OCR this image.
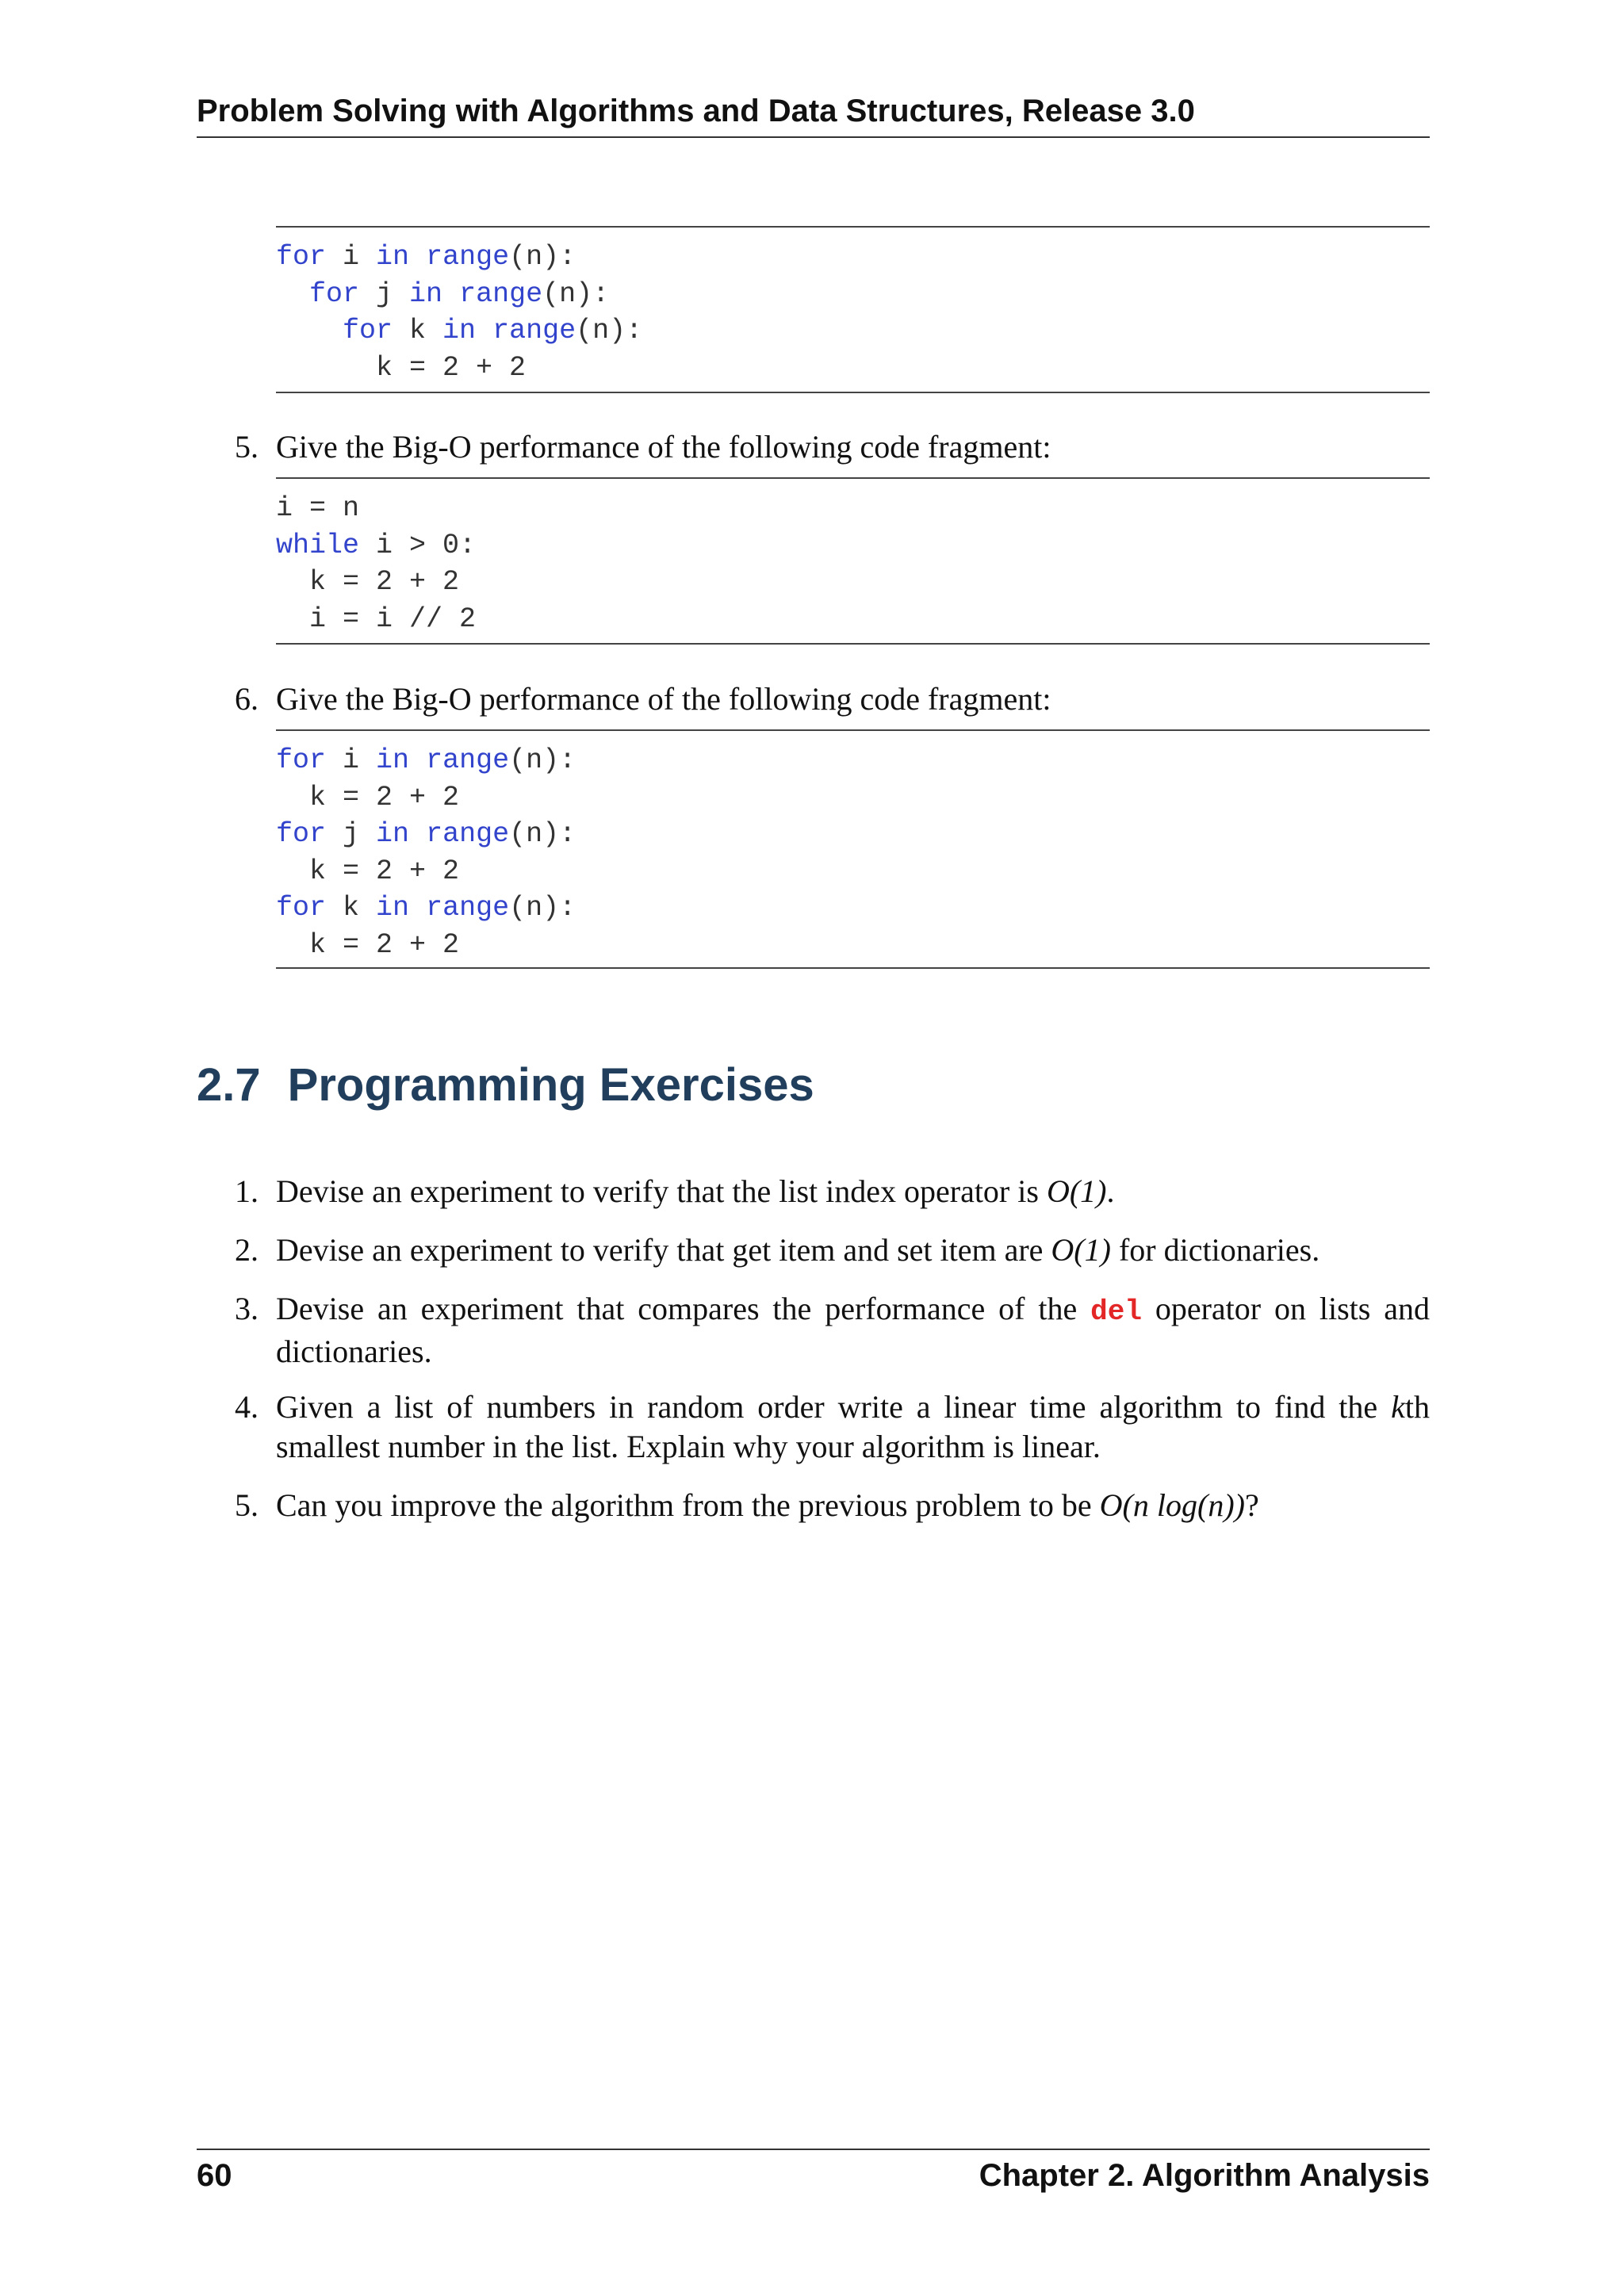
Problem Solving with Algorithms and Data Structures, Release 3.0
for i in range(n):
for j in range(n):
for k in range(n):
k = 2 + 2
5. Give the Big-O performance of the following code fragment:
i = n
while i > 0:
k = 2 + 2
i = i // 2
6. Give the Big-O performance of the following code fragment:
for i in range(n):
k = 2 + 2
for j in range(n):
k = 2 + 2
for k in range(n):
k = 2 + 2
2.7 Programming Exercises
1. Devise an experiment to verify that the list index operator is O(1).
2. Devise an experiment to verify that get item and set item are O(1) for dictionaries.
3. Devise an experiment that compares the performance of the del operator on lists and dictionaries.
4. Given a list of numbers in random order write a linear time algorithm to find the kth smallest number in the list. Explain why your algorithm is linear.
5. Can you improve the algorithm from the previous problem to be O(n log(n))?
60	Chapter 2. Algorithm Analysis
